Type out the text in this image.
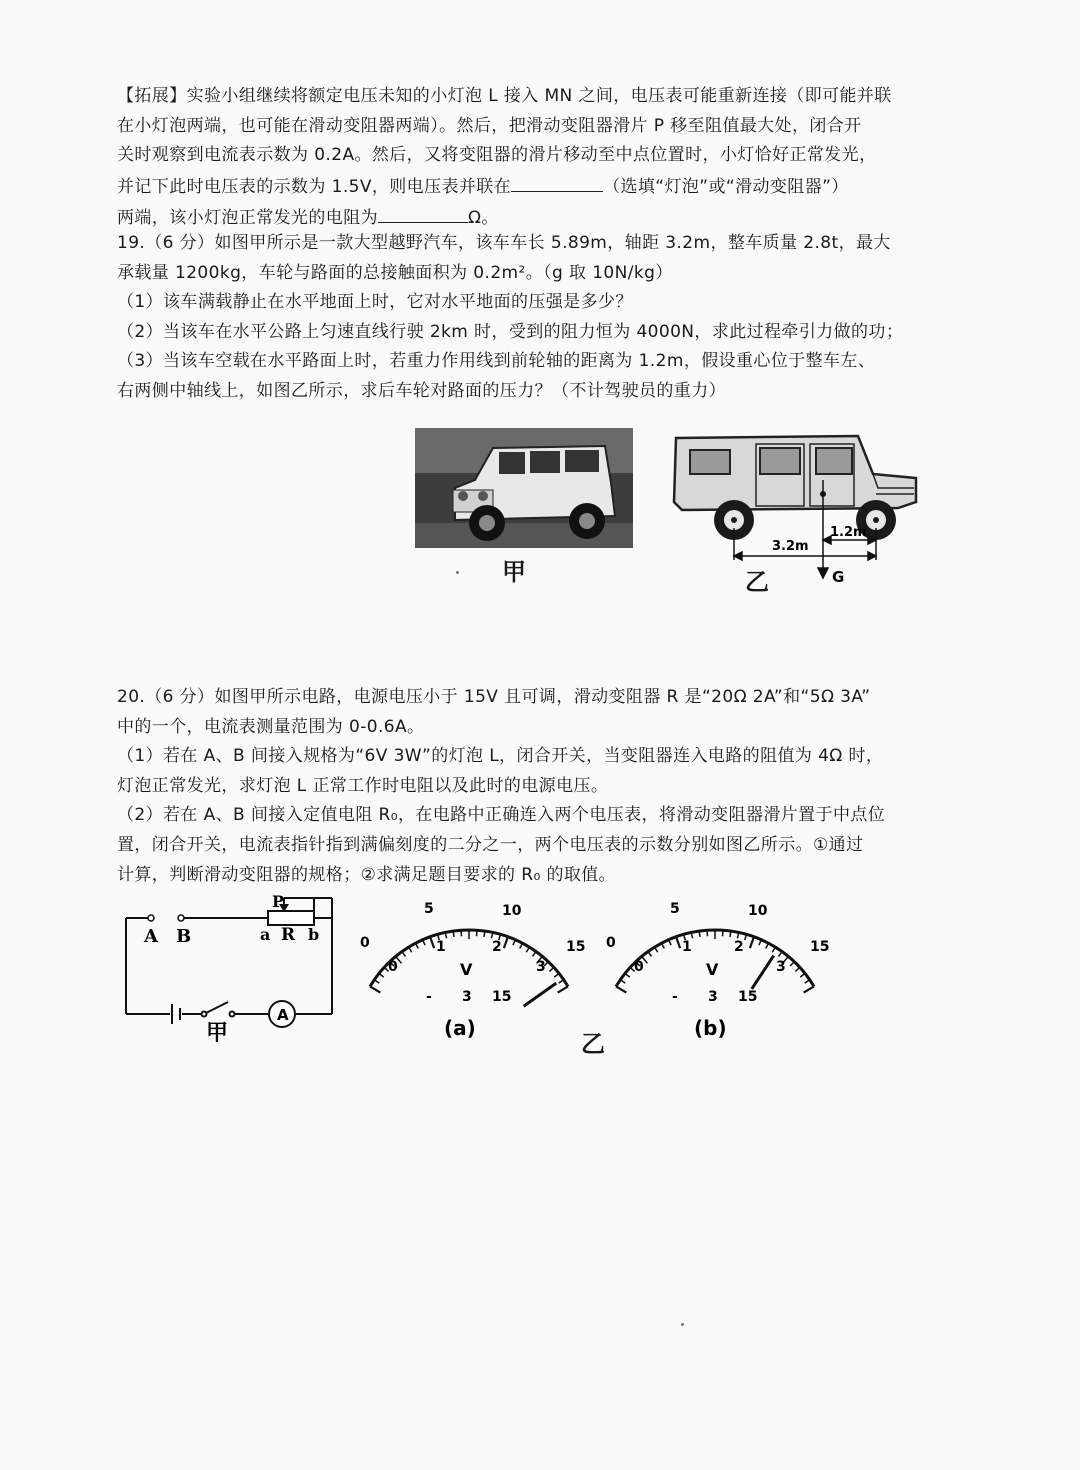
【拓展】实验小组继续将额定电压未知的小灯泡 L 接入 MN 之间，电压表可能重新连接（即可能并联
在小灯泡两端，也可能在滑动变阻器两端）。然后，把滑动变阻器滑片 P 移至阻值最大处，闭合开
关时观察到电流表示数为 0.2A。然后，又将变阻器的滑片移动至中点位置时，小灯恰好正常发光，
并记下此时电压表的示数为 1.5V，则电压表并联在	（选填“灯泡”或“滑动变阻器”）
两端，该小灯泡正常发光的电阻为	Ω。
19.（6 分）如图甲所示是一款大型越野汽车，该车车长 5.89m，轴距 3.2m，整车质量 2.8t，最大
承载量 1200kg，车轮与路面的总接触面积为 0.2m²。（g 取 10N/kg）
（1）该车满载静止在水平地面上时，它对水平地面的压强是多少？
（2）当该车在水平公路上匀速直线行驶 2km 时，受到的阻力恒为 4000N，求此过程牵引力做的功；
（3）当该车空载在水平路面上时，若重力作用线到前轮轴的距离为 1.2m，假设重心位于整车左、
右两侧中轴线上，如图乙所示，求后车轮对路面的压力？（不计驾驶员的重力）
甲
3.2m
1.2m
G
乙
20.（6 分）如图甲所示电路，电源电压小于 15V 且可调，滑动变阻器 R 是“20Ω 2A”和“5Ω 3A”
中的一个，电流表测量范围为 0-0.6A。
（1）若在 A、B 间接入规格为“6V 3W”的灯泡 L，闭合开关，当变阻器连入电路的阻值为 4Ω 时，
灯泡正常发光，求灯泡 L 正常工作时电阻以及此时的电源电压。
（2）若在 A、B 间接入定值电阻 R₀，在电路中正确连入两个电压表，将滑动变阻器滑片置于中点位
置，闭合开关，电流表指针指到满偏刻度的二分之一，两个电压表的示数分别如图乙所示。①通过
计算，判断滑动变阻器的规格；②求满足题目要求的 R₀ 的取值。
A
A B
P
a R b
甲
0
5	10
15
0
1	2
3
V
- 3 15
(a)
乙
0
5	10
15
0
1	2
3
V
- 3 15
(b)
